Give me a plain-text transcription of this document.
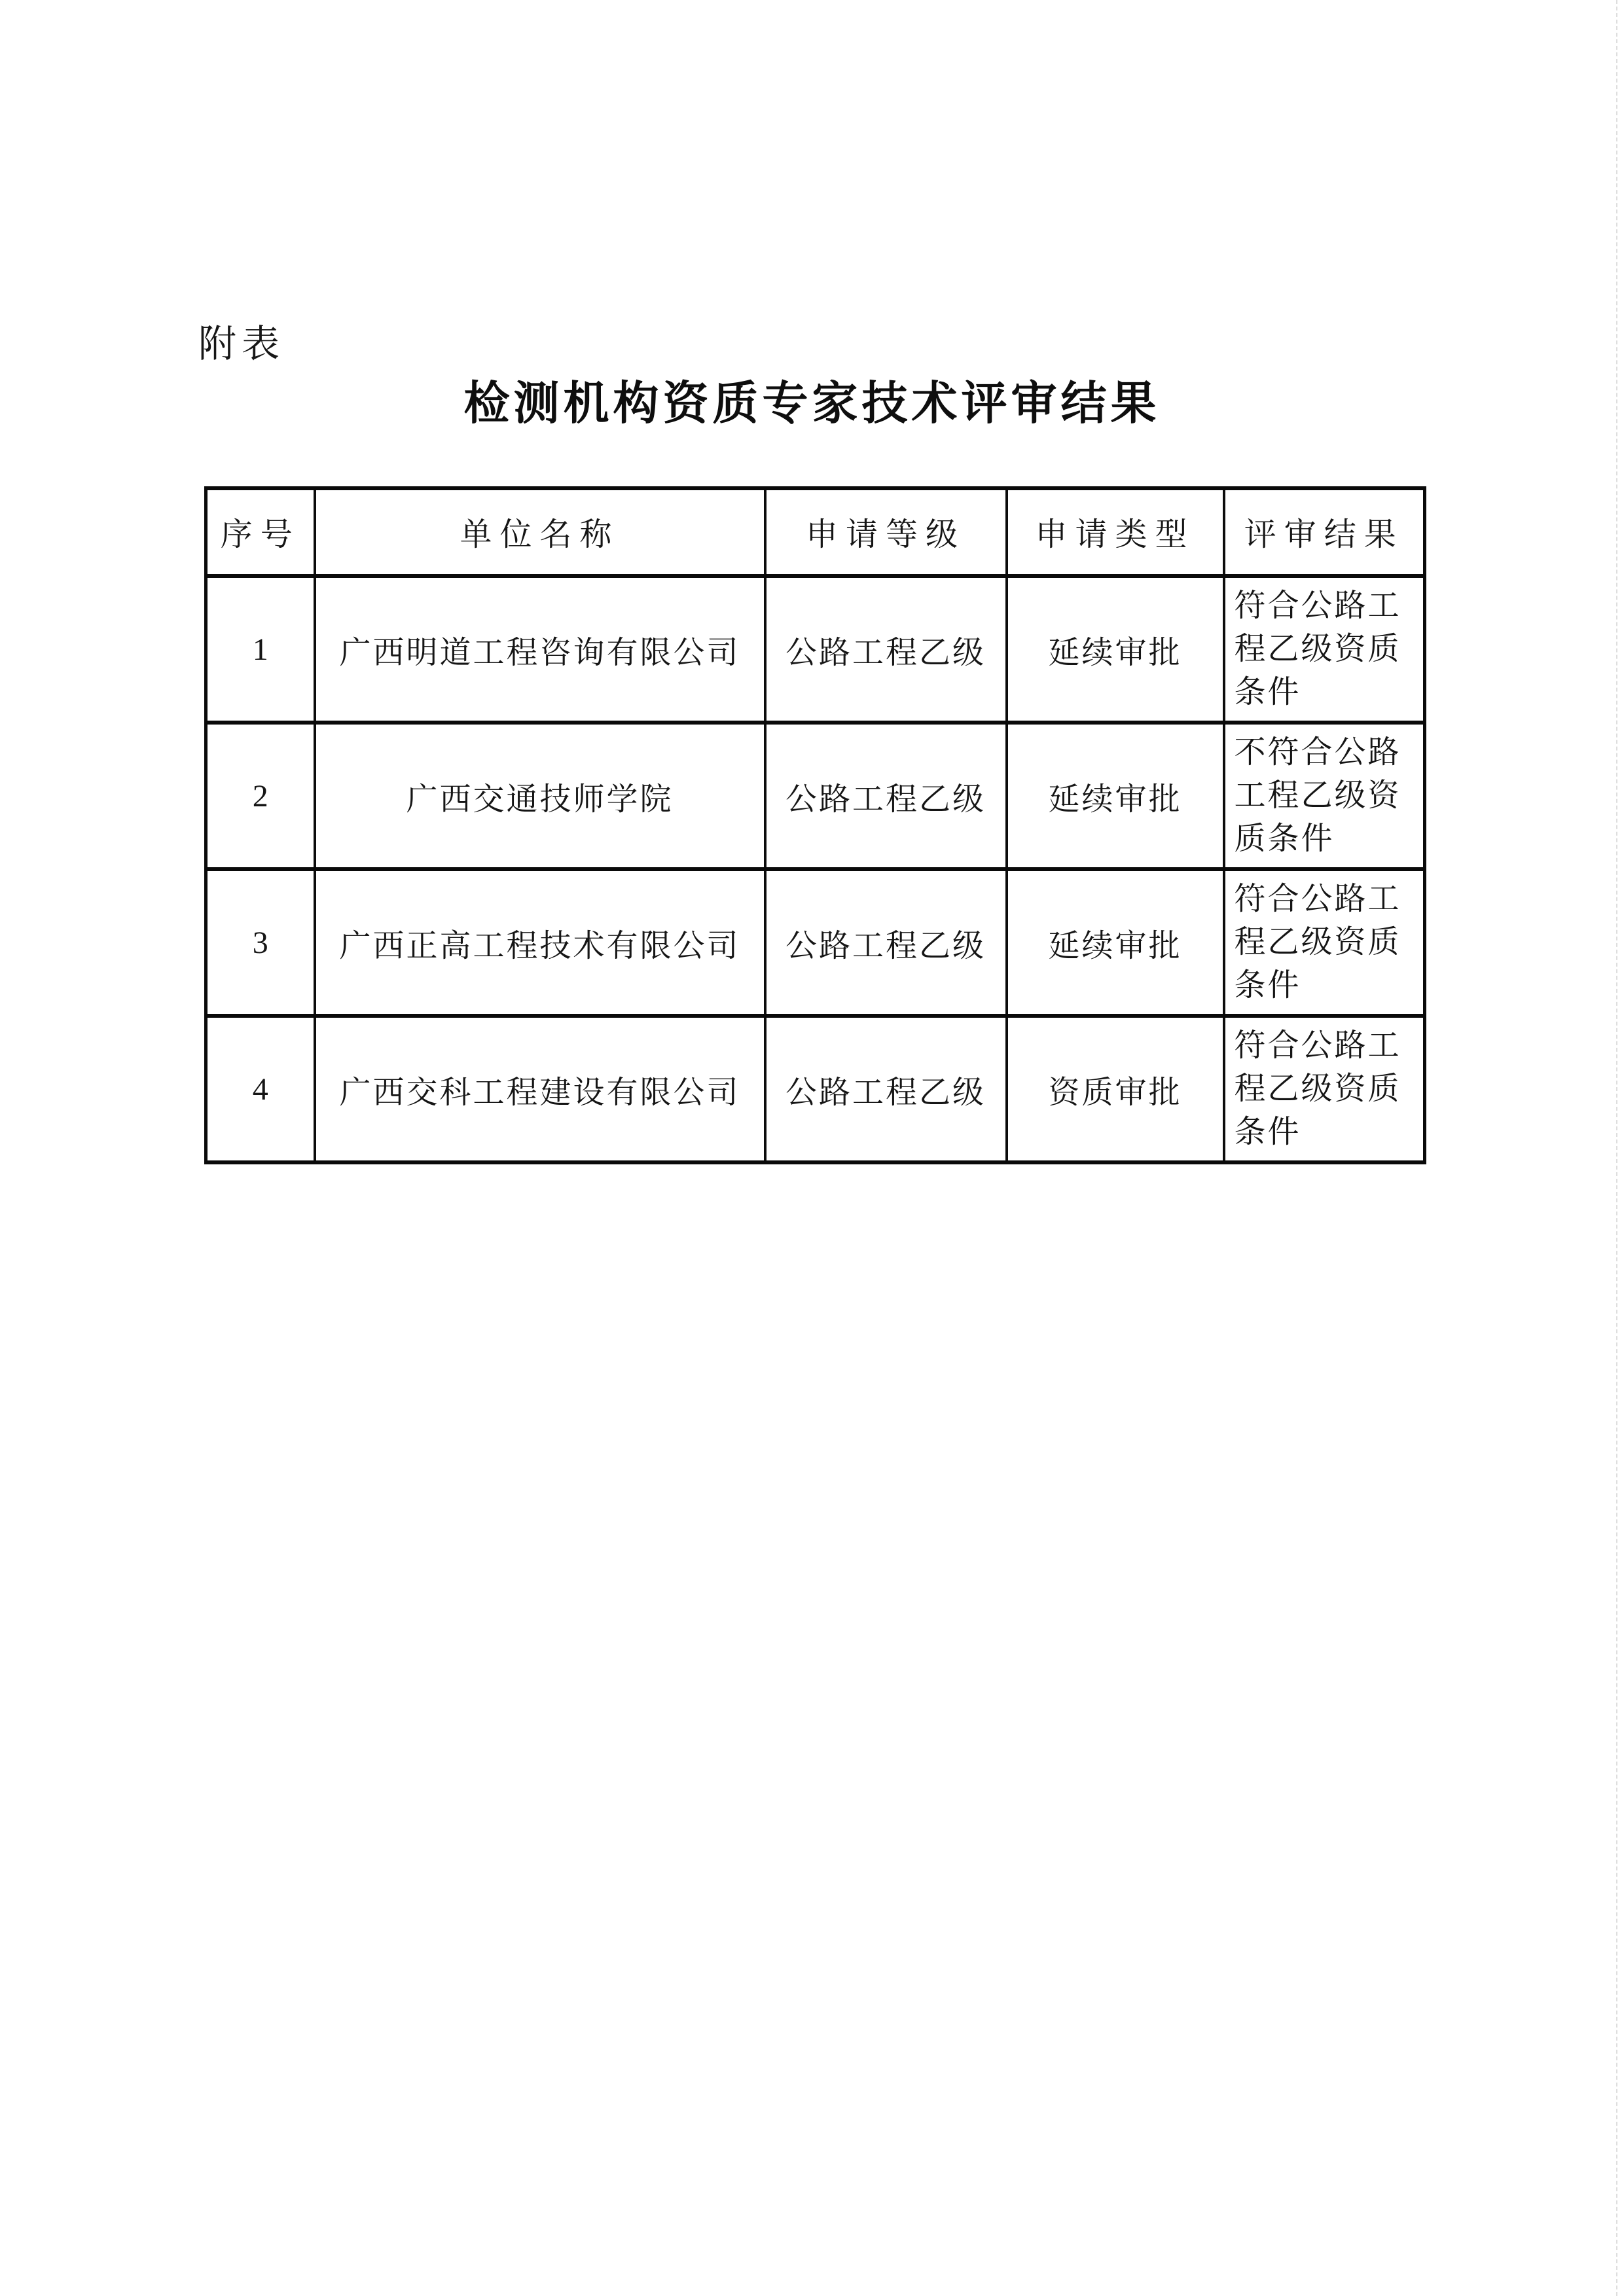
附表
检测机构资质专家技术评审结果
序号	单位名称	申请等级	申请类型	评审结果
1	广西明道工程咨询有限公司	公路工程乙级	延续审批	符合公路工程乙级资质条件
2	广西交通技师学院	公路工程乙级	延续审批	不符合公路工程乙级资质条件
3	广西正高工程技术有限公司	公路工程乙级	延续审批	符合公路工程乙级资质条件
4	广西交科工程建设有限公司	公路工程乙级	资质审批	符合公路工程乙级资质条件
